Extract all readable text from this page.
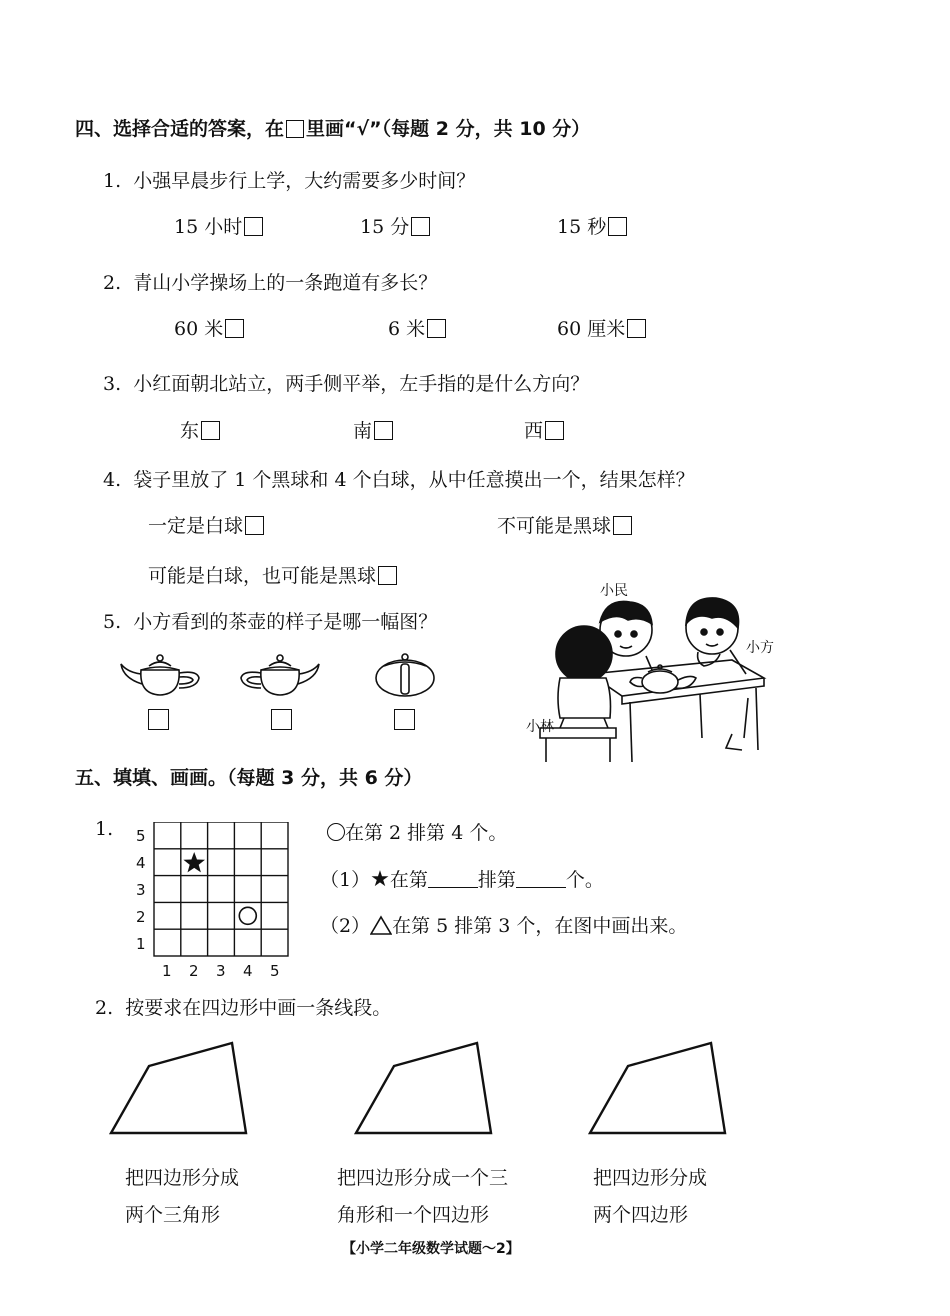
四、选择合适的答案，在 里画“√”（每题 2 分，共 10 分）
1. 小强早晨步行上学，大约需要多少时间？
15 小时	15 分	15 秒
2. 青山小学操场上的一条跑道有多长？
60 米	6 米	60 厘米
3. 小红面朝北站立，两手侧平举，左手指的是什么方向？
东	南	西
4. 袋子里放了 1 个黑球和 4 个白球，从中任意摸出一个，结果怎样？
一定是白球	不可能是黑球
可能是白球，也可能是黑球
5. 小方看到的茶壶的样子是哪一幅图？
小民
小方
小林
五、填填、画画。（每题 3 分，共 6 分）
1. 5
4
3
2
1
1 2 3 4 5
在第 2 排第 4 个。
（1）★在第	排第	个。
（2） 在第 5 排第 3 个，在图中画出来。
2. 按要求在四边形中画一条线段。
把四边形分成
两个三角形
把四边形分成一个三
角形和一个四边形
把四边形分成
两个四边形
【小学二年级数学试题～2】
